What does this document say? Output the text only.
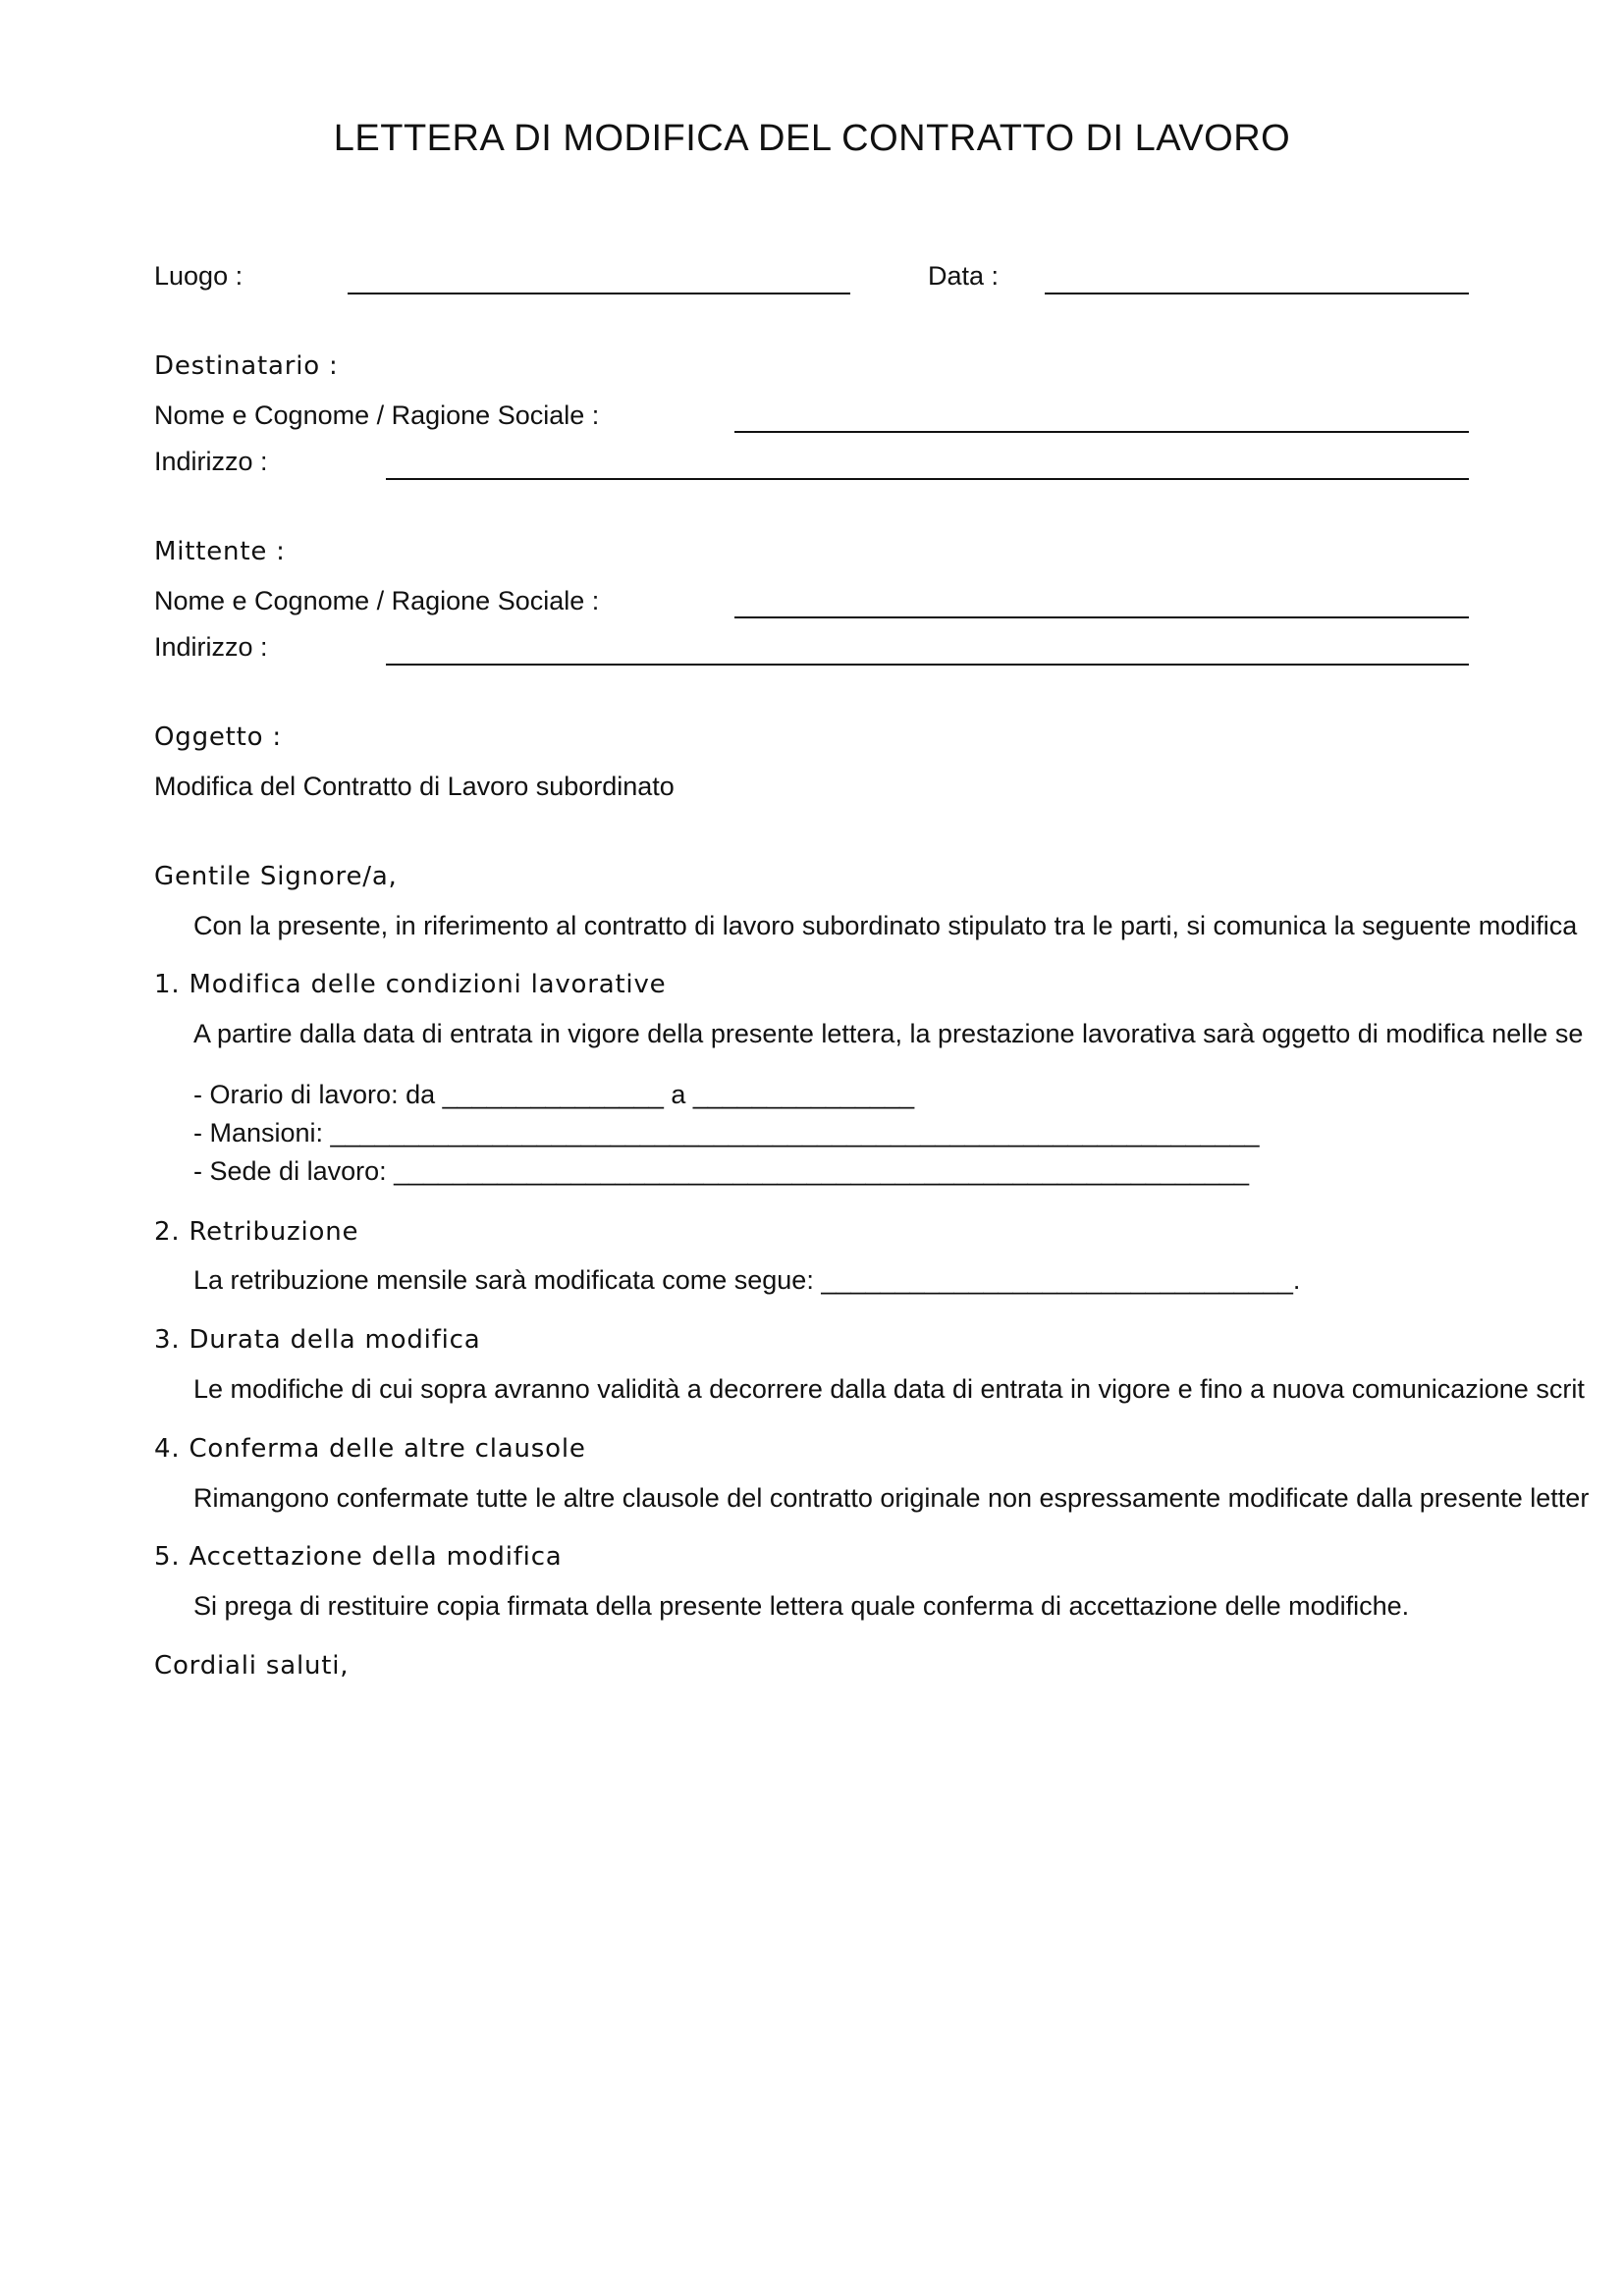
LETTERA DI MODIFICA DEL CONTRATTO DI LAVORO
Luogo :	Data :
Destinatario :
Nome e Cognome / Ragione Sociale :
Indirizzo :
Mittente :
Nome e Cognome / Ragione Sociale :
Indirizzo :
Oggetto :
Modifica del Contratto di Lavoro subordinato
Gentile Signore/a,
Con la presente, in riferimento al contratto di lavoro subordinato stipulato tra le parti, si comunica la seguente modifica
1. Modifica delle condizioni lavorative
A partire dalla data di entrata in vigore della presente lettera, la prestazione lavorativa sarà oggetto di modifica nelle se
- Orario di lavoro: da _______________ a _______________
- Mansioni: _______________________________________________________________
- Sede di lavoro: __________________________________________________________
2. Retribuzione
La retribuzione mensile sarà modificata come segue: ________________________________.
3. Durata della modifica
Le modifiche di cui sopra avranno validità a decorrere dalla data di entrata in vigore e fino a nuova comunicazione scrit
4. Conferma delle altre clausole
Rimangono confermate tutte le altre clausole del contratto originale non espressamente modificate dalla presente letter
5. Accettazione della modifica
Si prega di restituire copia firmata della presente lettera quale conferma di accettazione delle modifiche.
Cordiali saluti,
